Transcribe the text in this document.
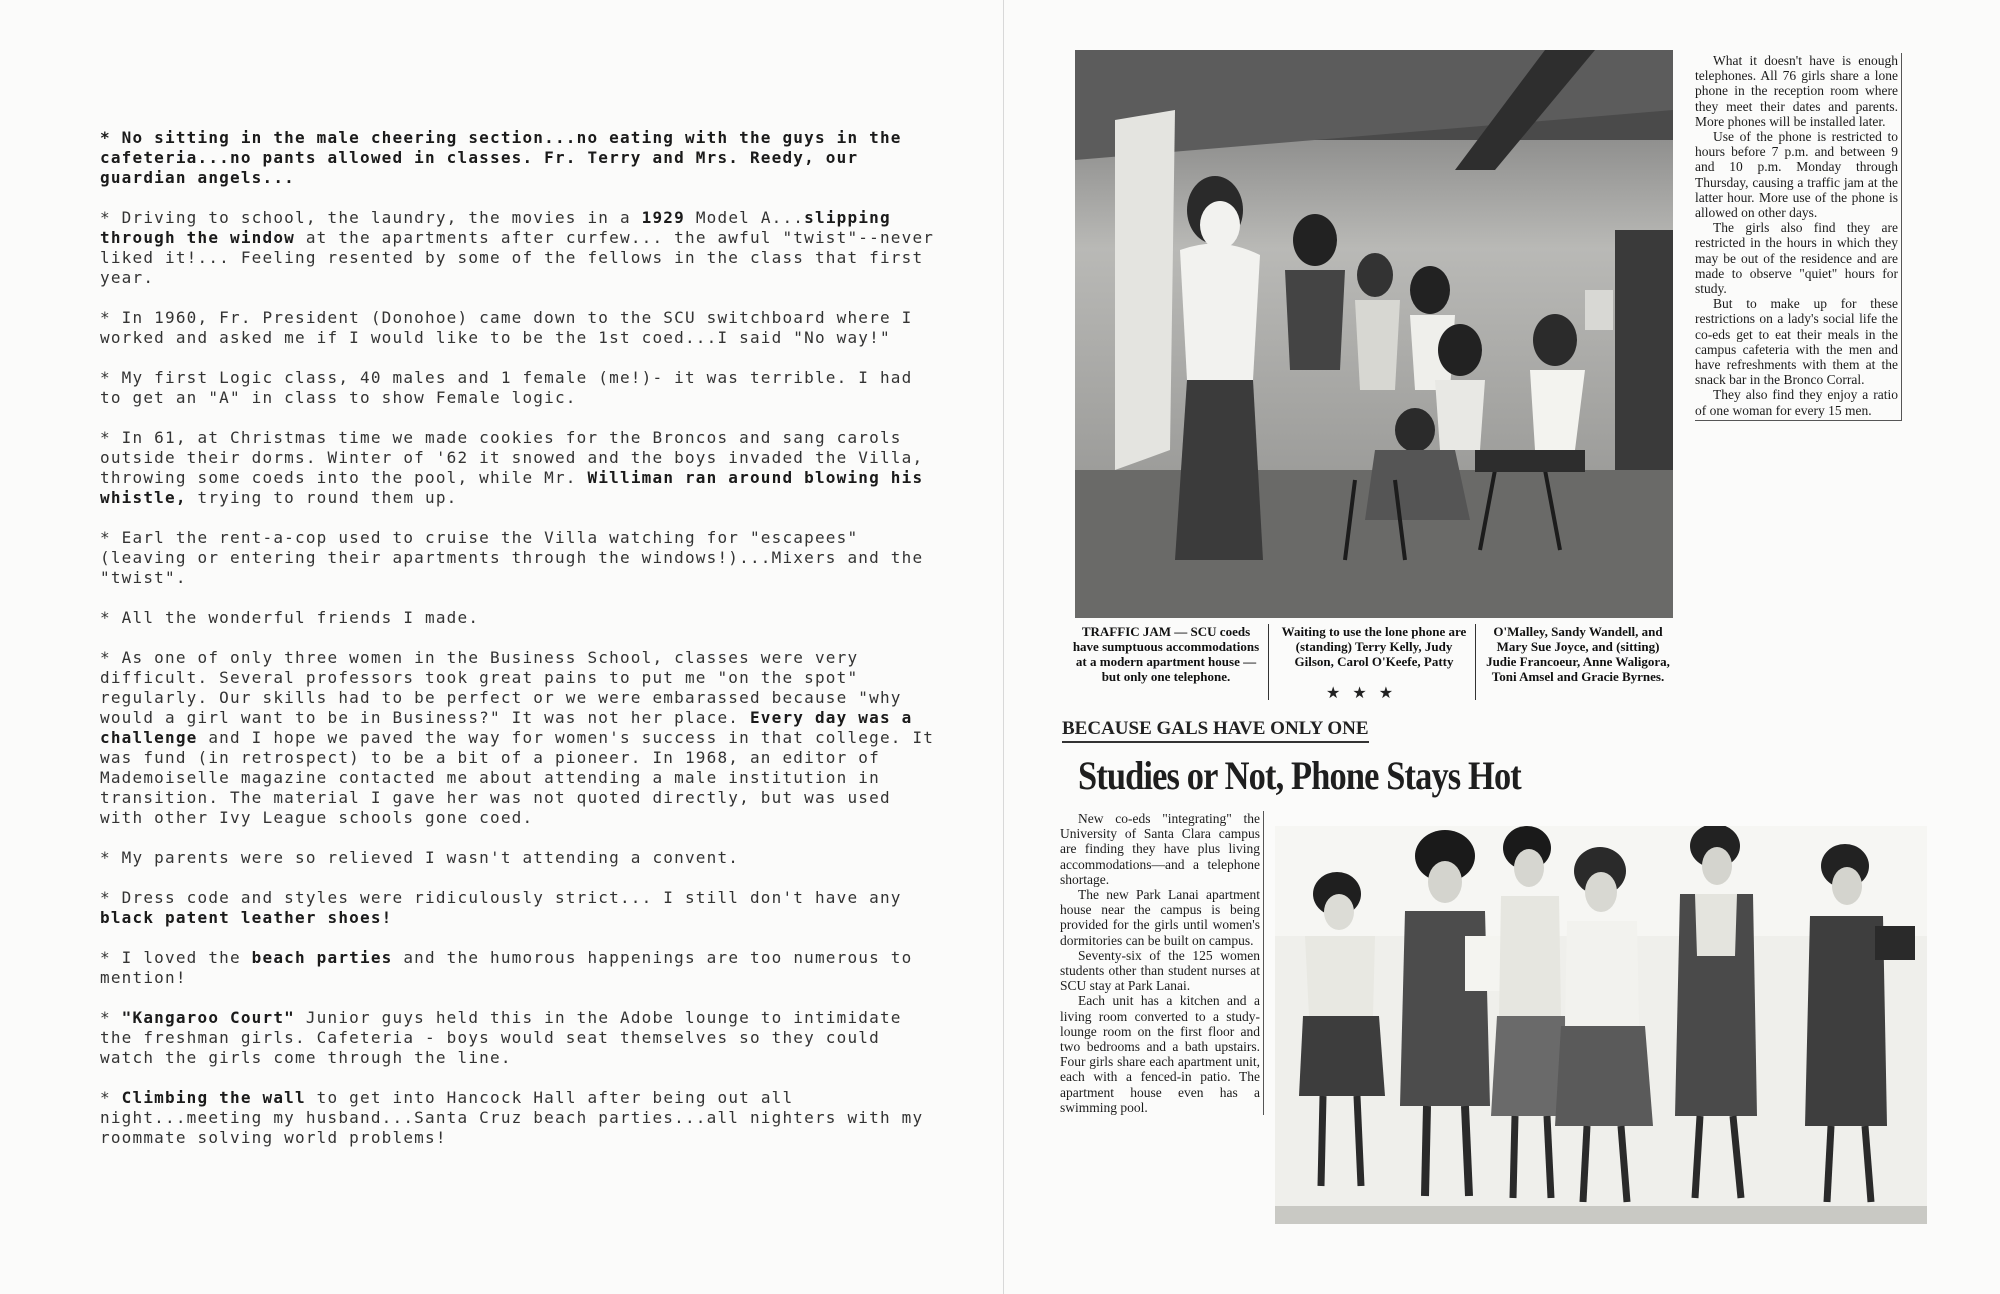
* No sitting in the male cheering section...no eating with the guys in the cafeteria...no pants allowed in classes. Fr. Terry and Mrs. Reedy, our guardian angels...

* Driving to school, the laundry, the movies in a 1929 Model A...slipping through the window at the apartments after curfew... the awful "twist"--never liked it!... Feeling resented by some of the fellows in the class that first year.

* In 1960, Fr. President (Donohoe) came down to the SCU switchboard where I worked and asked me if I would like to be the 1st coed...I said "No way!"

* My first Logic class, 40 males and 1 female (me!)- it was terrible. I had to get an "A" in class to show Female logic.

* In 61, at Christmas time we made cookies for the Broncos and sang carols outside their dorms. Winter of '62 it snowed and the boys invaded the Villa, throwing some coeds into the pool, while Mr. Williman ran around blowing his whistle, trying to round them up.

* Earl the rent-a-cop used to cruise the Villa watching for "escapees" (leaving or entering their apartments through the windows!)...Mixers and the "twist".

* All the wonderful friends I made.

* As one of only three women in the Business School, classes were very difficult. Several professors took great pains to put me "on the spot" regularly. Our skills had to be perfect or we were embarassed because "why would a girl want to be in Business?" It was not her place. Every day was a challenge and I hope we paved the way for women's success in that college. It was fund (in retrospect) to be a bit of a pioneer. In 1968, an editor of Mademoiselle magazine contacted me about attending a male institution in transition. The material I gave her was not quoted directly, but was used with other Ivy League schools gone coed.

* My parents were so relieved I wasn't attending a convent.

* Dress code and styles were ridiculously strict... I still don't have any black patent leather shoes!

* I loved the beach parties and the humorous happenings are too numerous to mention!

* "Kangaroo Court" Junior guys held this in the Adobe lounge to intimidate the freshman girls. Cafeteria - boys would seat themselves so they could watch the girls come through the line.

* Climbing the wall to get into Hancock Hall after being out all night...meeting my husband...Santa Cruz beach parties...all nighters with my roommate solving world problems!

What it doesn't have is enough telephones. All 76 girls share a lone phone in the reception room where they meet their dates and parents. More phones will be installed later.

Use of the phone is restricted to hours before 7 p.m. and between 9 and 10 p.m. Monday through Thursday, causing a traffic jam at the latter hour. More use of the phone is allowed on other days.

The girls also find they are restricted in the hours in which they may be out of the residence and are made to observe "quiet" hours for study.

But to make up for these restrictions on a lady's social life the co-eds get to eat their meals in the campus cafeteria with the men and have refreshments with them at the snack bar in the Bronco Corral.

They also find they enjoy a ratio of one woman for every 15 men.

TRAFFIC JAM — SCU coeds have sumptuous accommodations at a modern apartment house — but only one telephone.
Waiting to use the lone phone are (standing) Terry Kelly, Judy Gilson, Carol O'Keefe, Patty
★★★
O'Malley, Sandy Wandell, and Mary Sue Joyce, and (sitting) Judie Francoeur, Anne Waligora, Toni Amsel and Gracie Byrnes.
BECAUSE GALS HAVE ONLY ONE
Studies or Not, Phone Stays Hot

New co-eds "integrating" the University of Santa Clara campus are finding they have plus living accommodations—and a telephone shortage.

The new Park Lanai apartment house near the campus is being provided for the girls until women's dormitories can be built on campus.

Seventy-six of the 125 women students other than student nurses at SCU stay at Park Lanai.

Each unit has a kitchen and a living room converted to a study-lounge room on the first floor and two bedrooms and a bath upstairs. Four girls share each apartment unit, each with a fenced-in patio. The apartment house even has a swimming pool.
